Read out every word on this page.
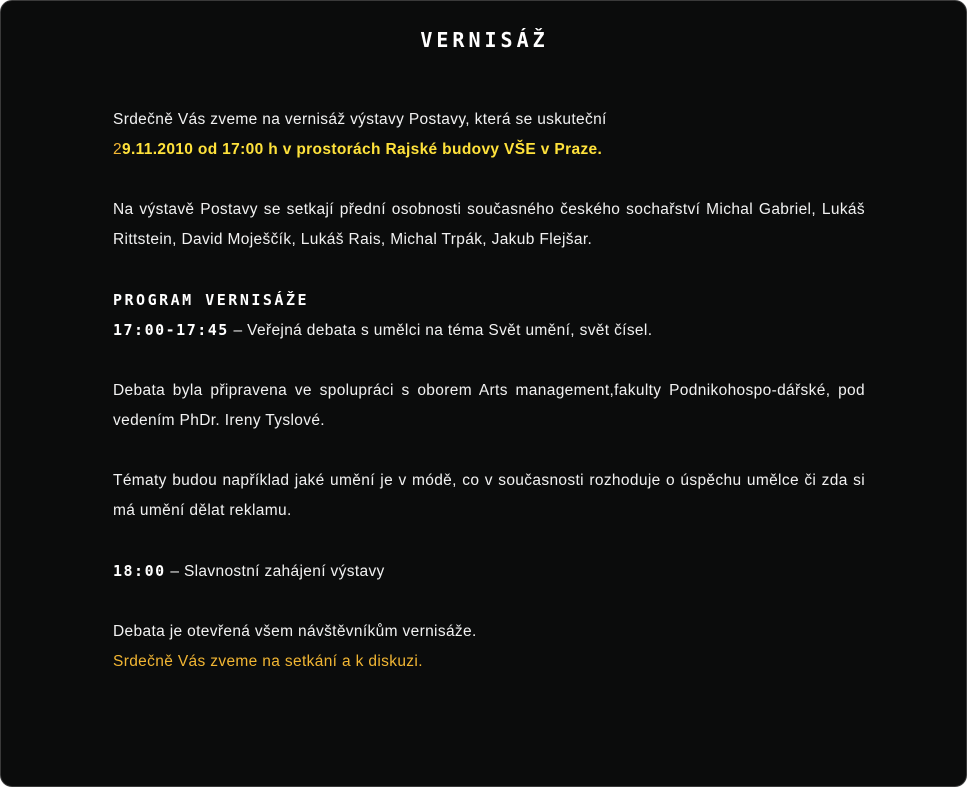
VERNISÁŽ

Srdečně Vás zveme na vernisáž výstavy Postavy, která se uskuteční
29.11.2010 od 17:00 h v prostorách Rajské budovy VŠE v Praze.

Na výstavě Postavy se setkají přední osobnosti současného českého sochařství Michal Gabriel, Lukáš Rittstein, David Moješčík, Lukáš Rais, Michal Trpák, Jakub Flejšar.

PROGRAM VERNISÁŽE
17:00-17:45 – Veřejná debata s umělci na téma Svět umění, svět čísel.

Debata byla připravena ve spolupráci s oborem Arts management,fakulty Podnikohospo-dářské, pod vedením PhDr. Ireny Tyslové.

Tématy budou například jaké umění je v módě, co v současnosti rozhoduje o úspěchu umělce či zda si má umění dělat reklamu.

18:00 – Slavnostní zahájení výstavy

Debata je otevřená všem návštěvníkům vernisáže.
Srdečně Vás zveme na setkání a k diskuzi.
